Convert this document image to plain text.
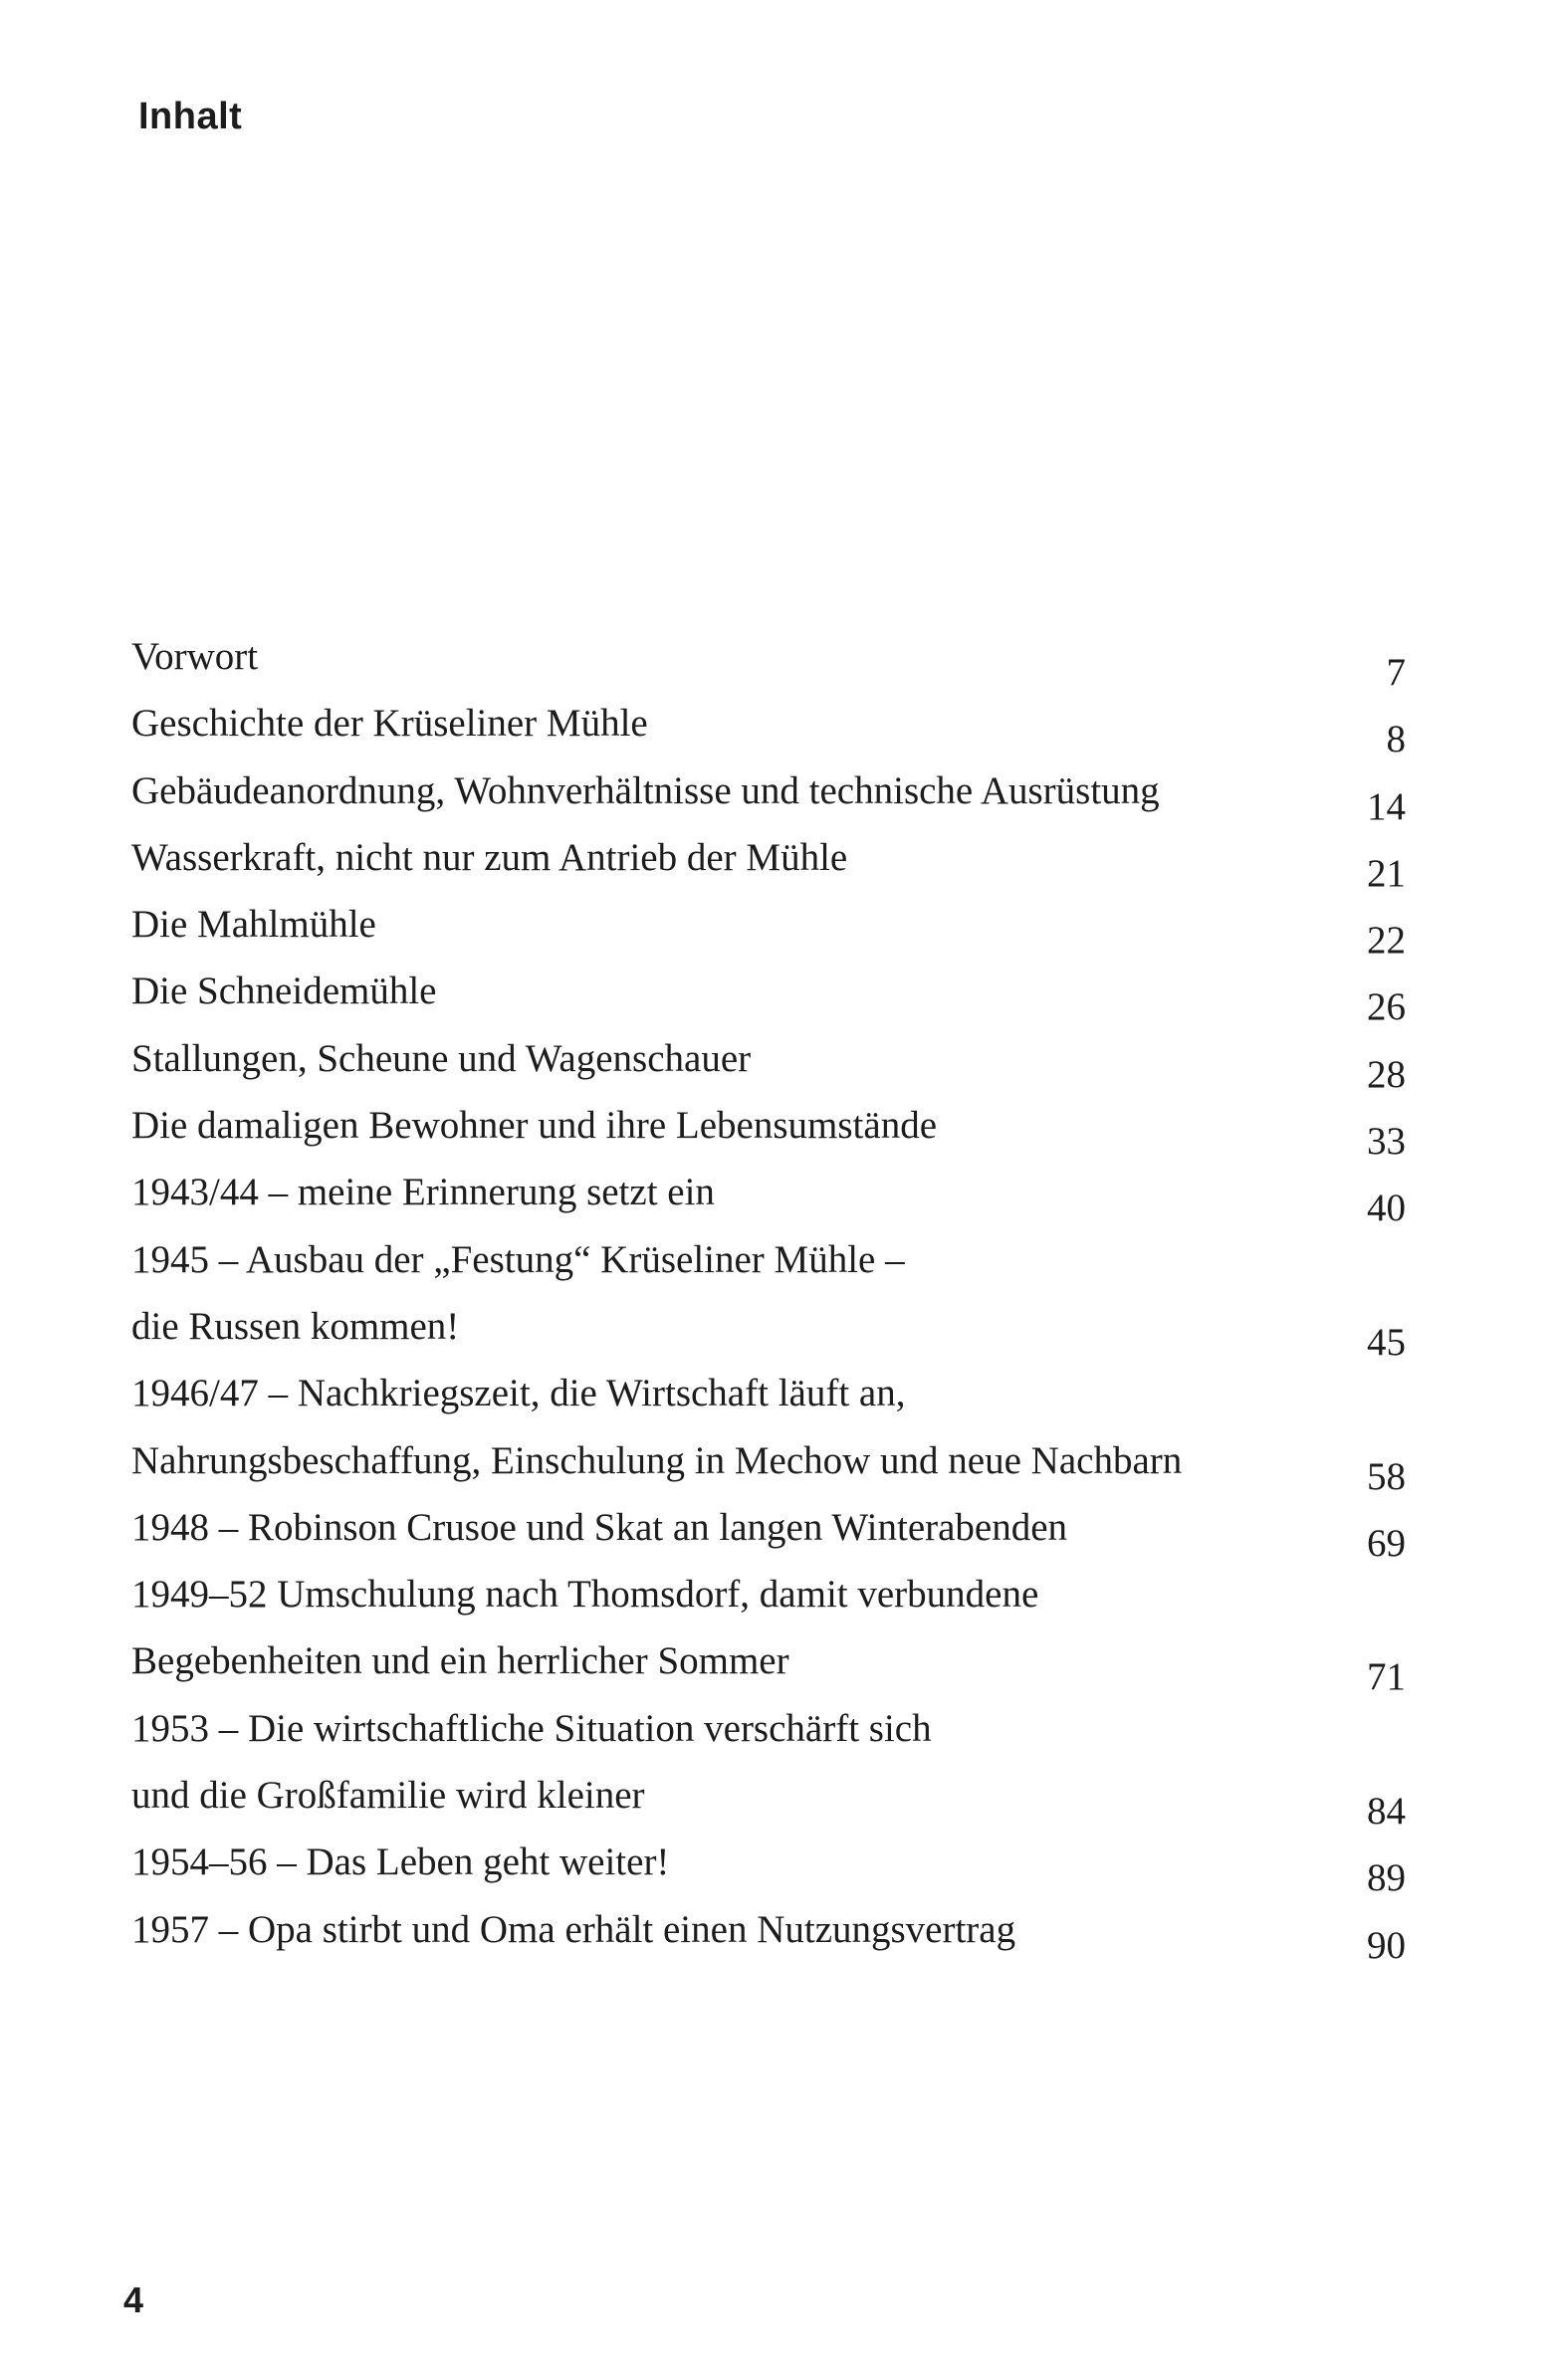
Inhalt
Vorwort	7
Geschichte der Krüseliner Mühle	8
Gebäudeanordnung, Wohnverhältnisse und technische Ausrüstung	14
Wasserkraft, nicht nur zum Antrieb der Mühle	21
Die Mahlmühle	22
Die Schneidemühle	26
Stallungen, Scheune und Wagenschauer	28
Die damaligen Bewohner und ihre Lebensumstände	33
1943/44 – meine Erinnerung setzt ein	40
1945 – Ausbau der „Festung“ Krüseliner Mühle –
die Russen kommen!	45
1946/47 – Nachkriegszeit, die Wirtschaft läuft an,
Nahrungsbeschaffung, Einschulung in Mechow und neue Nachbarn	58
1948 – Robinson Crusoe und Skat an langen Winterabenden	69
1949–52 Umschulung nach Thomsdorf, damit verbundene
Begebenheiten und ein herrlicher Sommer	71
1953 – Die wirtschaftliche Situation verschärft sich
und die Großfamilie wird kleiner	84
1954–56 – Das Leben geht weiter!	89
1957 – Opa stirbt und Oma erhält einen Nutzungsvertrag	90
4
